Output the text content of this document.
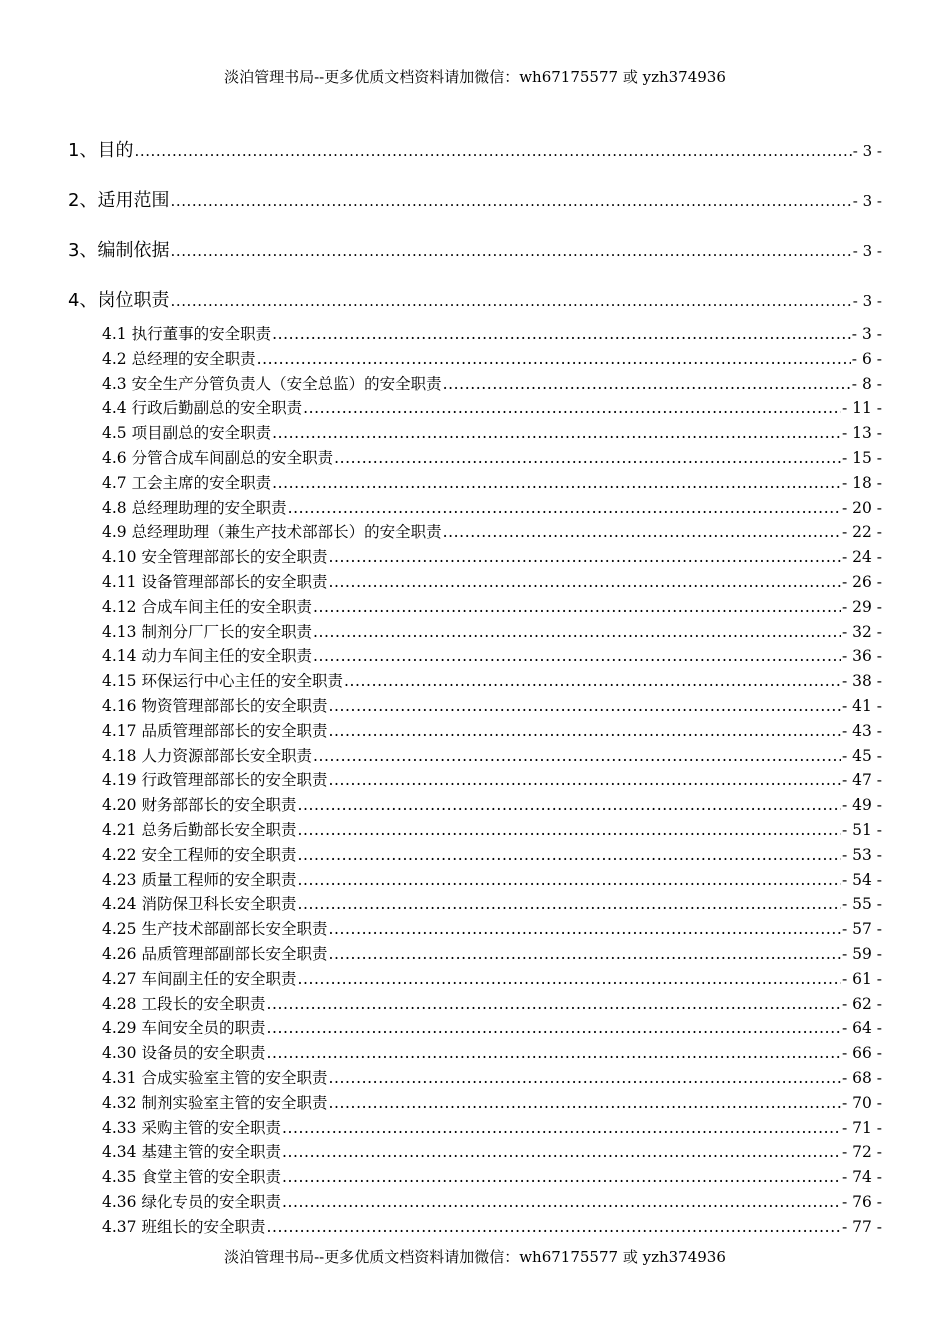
淡泊管理书局--更多优质文档资料请加微信：wh67175577 或 yzh374936
1、目的 .....	- 3 -
2、适用范围 .....	- 3 -
3、编制依据 .....	- 3 -
4、岗位职责 .....	- 3 -
4.1 执行董事的安全职责 .....	- 3 -
4.2 总经理的安全职责 .....	- 6 -
4.3 安全生产分管负责人（安全总监）的安全职责 .....	- 8 -
4.4 行政后勤副总的安全职责 .....	- 11 -
4.5 项目副总的安全职责 .....	- 13 -
4.6 分管合成车间副总的安全职责 .....	- 15 -
4.7 工会主席的安全职责 .....	- 18 -
4.8 总经理助理的安全职责 .....	- 20 -
4.9 总经理助理（兼生产技术部部长）的安全职责 .....	- 22 -
4.10 安全管理部部长的安全职责 .....	- 24 -
4.11 设备管理部部长的安全职责 .....	- 26 -
4.12 合成车间主任的安全职责 .....	- 29 -
4.13 制剂分厂厂长的安全职责 .....	- 32 -
4.14 动力车间主任的安全职责 .....	- 36 -
4.15 环保运行中心主任的安全职责 .....	- 38 -
4.16 物资管理部部长的安全职责 .....	- 41 -
4.17 品质管理部部长的安全职责 .....	- 43 -
4.18 人力资源部部长安全职责 .....	- 45 -
4.19 行政管理部部长的安全职责 .....	- 47 -
4.20 财务部部长的安全职责 .....	- 49 -
4.21 总务后勤部长安全职责 .....	- 51 -
4.22 安全工程师的安全职责 .....	- 53 -
4.23 质量工程师的安全职责 .....	- 54 -
4.24 消防保卫科长安全职责 .....	- 55 -
4.25 生产技术部副部长安全职责 .....	- 57 -
4.26 品质管理部副部长安全职责 .....	- 59 -
4.27 车间副主任的安全职责 .....	- 61 -
4.28 工段长的安全职责 .....	- 62 -
4.29 车间安全员的职责 .....	- 64 -
4.30 设备员的安全职责 .....	- 66 -
4.31 合成实验室主管的安全职责 .....	- 68 -
4.32 制剂实验室主管的安全职责 .....	- 70 -
4.33 采购主管的安全职责 .....	- 71 -
4.34 基建主管的安全职责 .....	- 72 -
4.35 食堂主管的安全职责 .....	- 74 -
4.36 绿化专员的安全职责 .....	- 76 -
4.37 班组长的安全职责 .....	- 77 -
淡泊管理书局--更多优质文档资料请加微信：wh67175577 或 yzh374936
